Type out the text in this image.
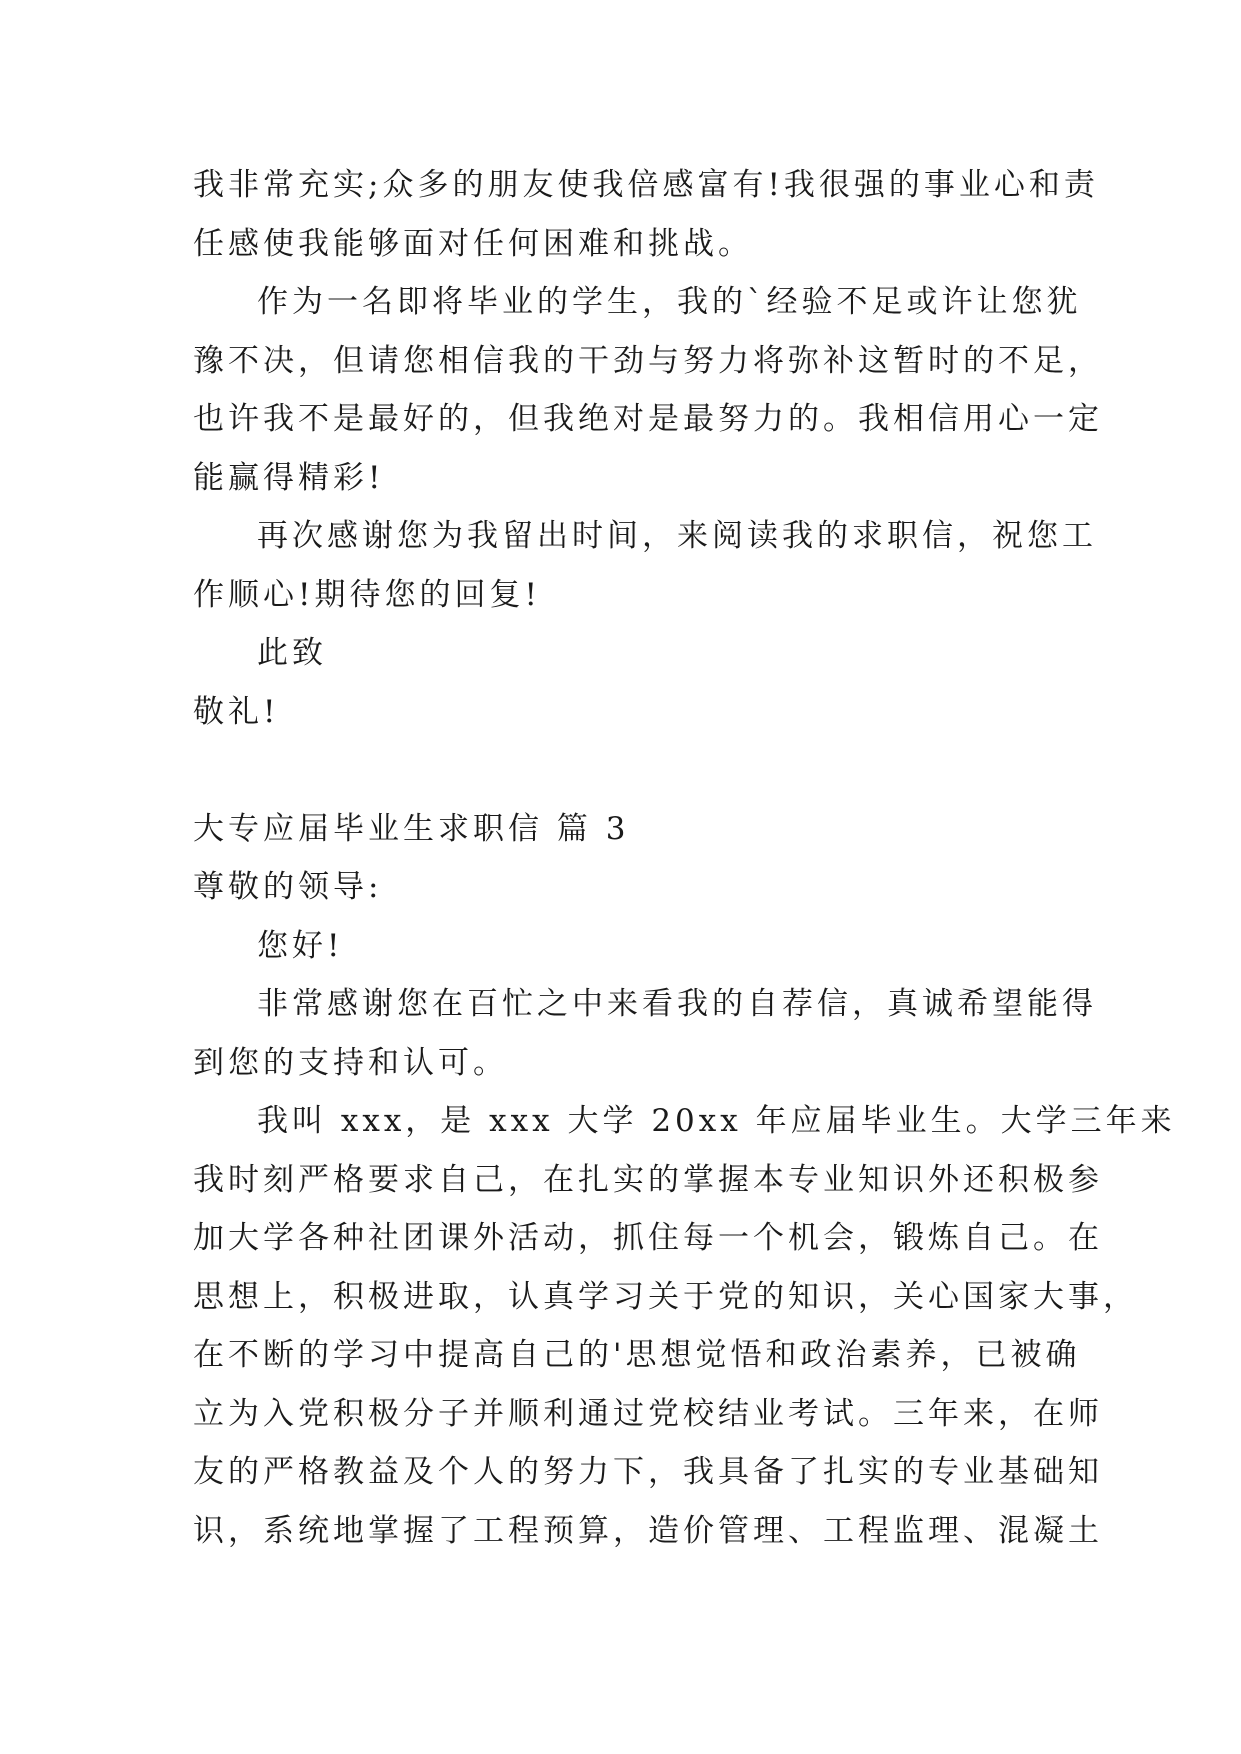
我非常充实;众多的朋友使我倍感富有!我很强的事业心和责
任感使我能够面对任何困难和挑战。
作为一名即将毕业的学生，我的`经验不足或许让您犹
豫不决，但请您相信我的干劲与努力将弥补这暂时的不足，
也许我不是最好的，但我绝对是最努力的。我相信用心一定
能赢得精彩!
再次感谢您为我留出时间，来阅读我的求职信，祝您工
作顺心!期待您的回复!
此致
敬礼!
大专应届毕业生求职信 篇 3
尊敬的领导:
您好!
非常感谢您在百忙之中来看我的自荐信，真诚希望能得
到您的支持和认可。
我叫 xxx，是 xxx 大学 20xx 年应届毕业生。大学三年来
我时刻严格要求自己，在扎实的掌握本专业知识外还积极参
加大学各种社团课外活动，抓住每一个机会，锻炼自己。在
思想上，积极进取，认真学习关于党的知识，关心国家大事，
在不断的学习中提高自己的'思想觉悟和政治素养，已被确
立为入党积极分子并顺利通过党校结业考试。三年来，在师
友的严格教益及个人的努力下，我具备了扎实的专业基础知
识，系统地掌握了工程预算，造价管理、工程监理、混凝土
